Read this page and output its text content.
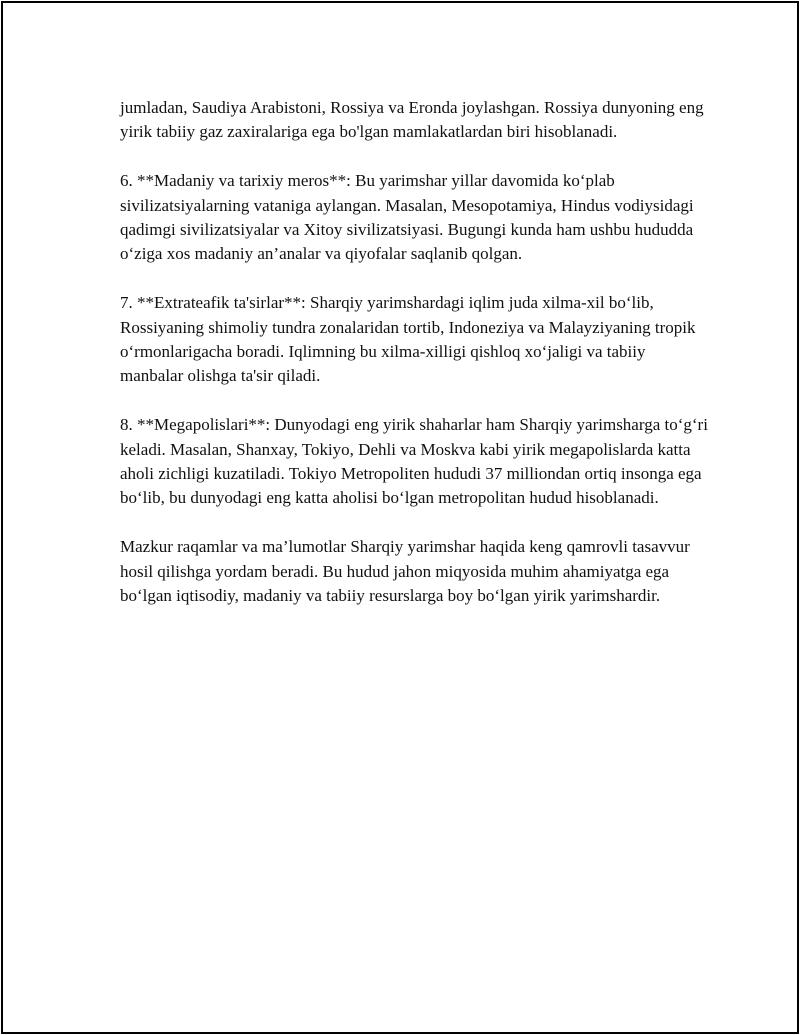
jumladan, Saudiya Arabistoni, Rossiya va Eronda joylashgan. Rossiya dunyoning eng yirik tabiiy gaz zaxiralariga ega bo'lgan mamlakatlardan biri hisoblanadi.

6. **Madaniy va tarixiy meros**: Bu yarimshar yillar davomida ko‘plab sivilizatsiyalarning vataniga aylangan. Masalan, Mesopotamiya, Hindus vodiysidagi qadimgi sivilizatsiyalar va Xitoy sivilizatsiyasi. Bugungi kunda ham ushbu hududda o‘ziga xos madaniy an’analar va qiyofalar saqlanib qolgan.

7. **Extrateafik ta'sirlar**: Sharqiy yarimshardagi iqlim juda xilma-xil bo‘lib, Rossiyaning shimoliy tundra zonalaridan tortib, Indoneziya va Malayziyaning tropik o‘rmonlarigacha boradi. Iqlimning bu xilma-xilligi qishloq xo‘jaligi va tabiiy manbalar olishga ta'sir qiladi.

8. **Megapolislari**: Dunyodagi eng yirik shaharlar ham Sharqiy yarimsharga to‘g‘ri keladi. Masalan, Shanxay, Tokiyo, Dehli va Moskva kabi yirik megapolislarda katta aholi zichligi kuzatiladi. Tokiyo Metropoliten hududi 37 milliondan ortiq insonga ega bo‘lib, bu dunyodagi eng katta aholisi bo‘lgan metropolitan hudud hisoblanadi.

Mazkur raqamlar va ma’lumotlar Sharqiy yarimshar haqida keng qamrovli tasavvur hosil qilishga yordam beradi. Bu hudud jahon miqyosida muhim ahamiyatga ega bo‘lgan iqtisodiy, madaniy va tabiiy resurslarga boy bo‘lgan yirik yarimshardir.
